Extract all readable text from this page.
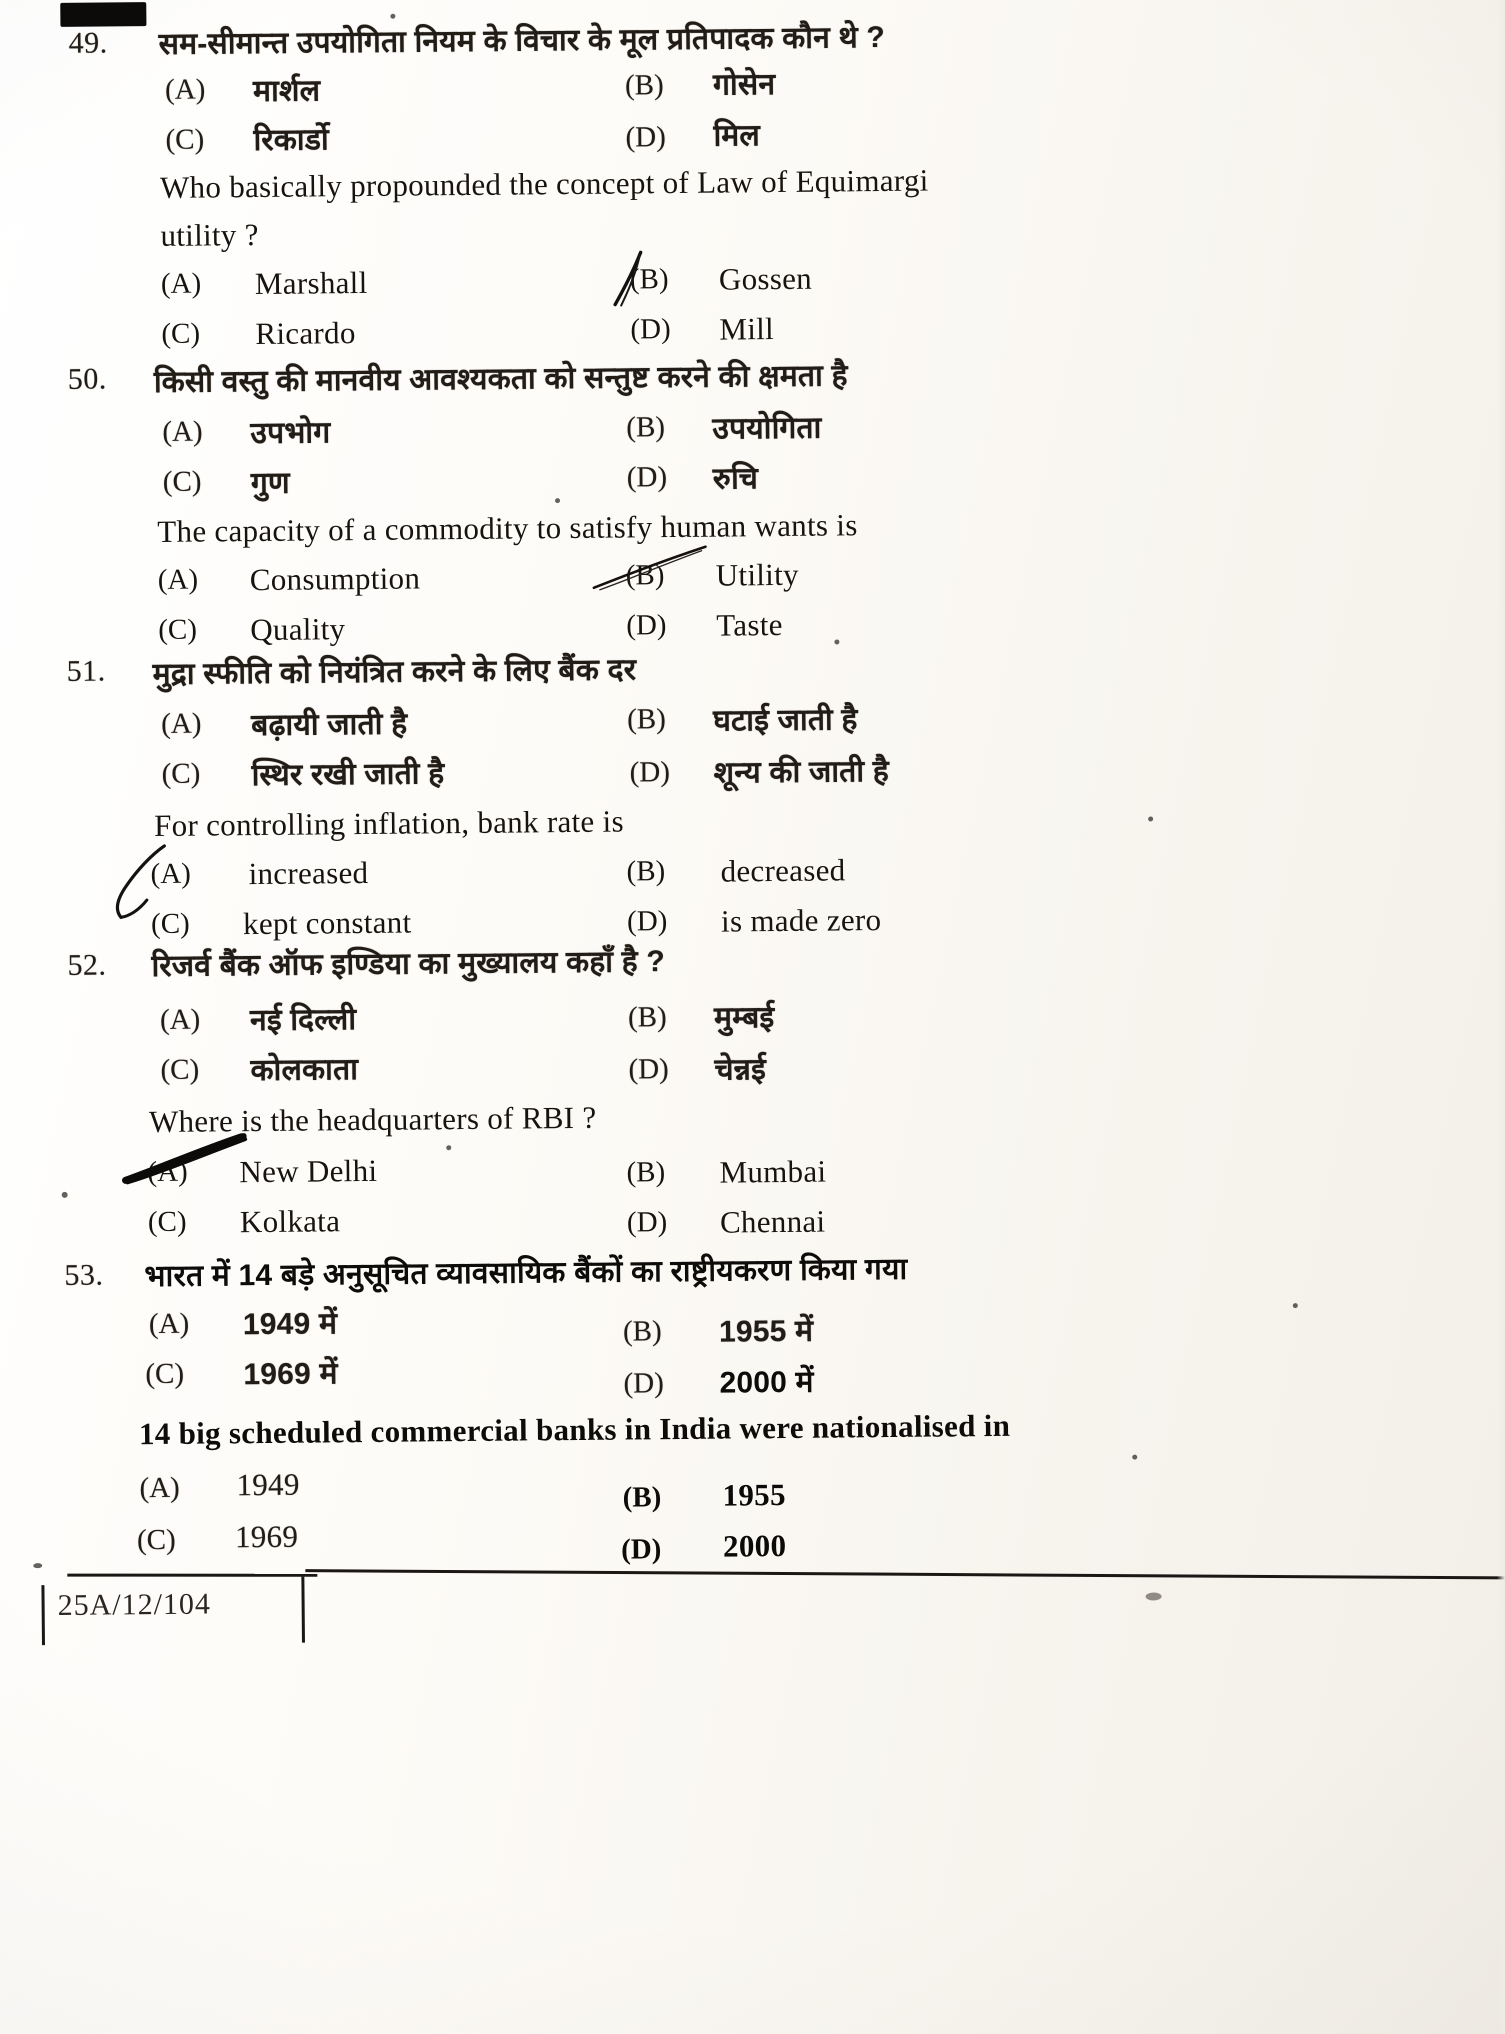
49. सम-सीमान्त उपयोगिता नियम के विचार के मूल प्रतिपादक कौन थे ?
(A) मार्शल	(B) गोसेन
(C) रिकार्डो	(D) मिल
Who basically propounded the concept of Law of Equimargi
utility ?
(A) Marshall	(B) Gossen
(C) Ricardo	(D) Mill
50. किसी वस्तु की मानवीय आवश्यकता को सन्तुष्ट करने की क्षमता है
(A) उपभोग	(B) उपयोगिता
(C) गुण	(D) रुचि
The capacity of a commodity to satisfy human wants is
(A) Consumption	(B) Utility
(C) Quality	(D) Taste
51. मुद्रा स्फीति को नियंत्रित करने के लिए बैंक दर
(A) बढ़ायी जाती है	(B) घटाई जाती है
(C) स्थिर रखी जाती है	(D) शून्य की जाती है
For controlling inflation, bank rate is
(A) increased	(B) decreased
(C) kept constant	(D) is made zero
52. रिजर्व बैंक ऑफ इण्डिया का मुख्यालय कहाँ है ?
(A) नई दिल्ली	(B) मुम्बई
(C) कोलकाता	(D) चेन्नई
Where is the headquarters of RBI ?
(A) New Delhi	(B) Mumbai
(C) Kolkata	(D) Chennai
53. भारत में 14 बड़े अनुसूचित व्यावसायिक बैंकों का राष्ट्रीयकरण किया गया
(A) 1949 में	(B) 1955 में
(C) 1969 में	(D) 2000 में
14 big scheduled commercial banks in India were nationalised in
(A) 1949	(B) 1955
(C) 1969	(D) 2000
25A/12/104
